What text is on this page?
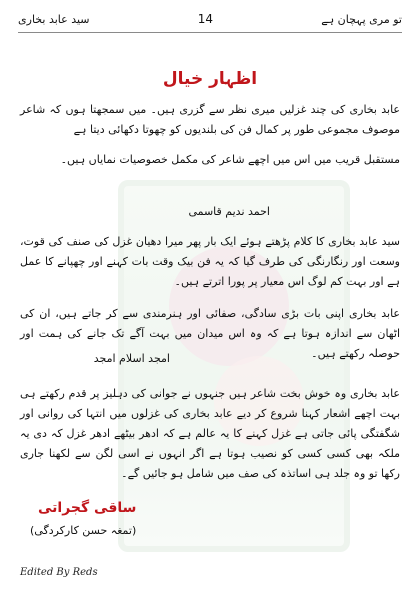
تو مری پہچان ہے
14
سید عابد بخاری
اظہار خیال
عابد بخاری کی چند غزلیں میری نظر سے گزری ہیں۔ میں سمجھتا ہوں کہ شاعر موصوف مجموعی طور پر کمال فن کی بلندیوں کو چھوتا دکھائی دیتا ہے
مستقبل قریب میں اس میں اچھے شاعر کی مکمل خصوصیات نمایاں ہیں۔
احمد ندیم قاسمی
سید عابد بخاری کا کلام پڑھتے ہوئے ایک بار پھر میرا دھیان غزل کی صنف کی قوت، وسعت اور رنگارنگی کی طرف گیا کہ یہ فن بیک وقت بات کہنے اور چھپانے کا عمل ہے اور بہت کم لوگ اس معیار پر پورا اترتے ہیں۔
عابد بخاری اپنی بات بڑی سادگی، صفائی اور ہنرمندی سے کر جاتے ہیں، ان کی اٹھان سے اندازہ ہوتا ہے کہ وہ اس میدان میں بہت آگے تک جانے کی ہمت اور حوصلہ رکھتے ہیں۔
امجد اسلام امجد
عابد بخاری وہ خوش بخت شاعر ہیں جنہوں نے جوانی کی دہلیز پر قدم رکھتے ہی بہت اچھے اشعار کہنا شروع کر دیے عابد بخاری کی غزلوں میں انتہا کی روانی اور شگفتگی پائی جاتی ہے غزل کہنے کا یہ عالم ہے کہ ادھر بیٹھے ادھر غزل کہ دی یہ ملکہ بھی کسی کسی کو نصیب ہوتا ہے اگر انہوں نے اسی لگن سے لکھنا جاری رکھا تو وہ جلد ہی اساتذہ کی صف میں شامل ہو جائیں گے۔
ساقی گجراتی
(تمغہ حسن کارکردگی)
Edited By Reds
